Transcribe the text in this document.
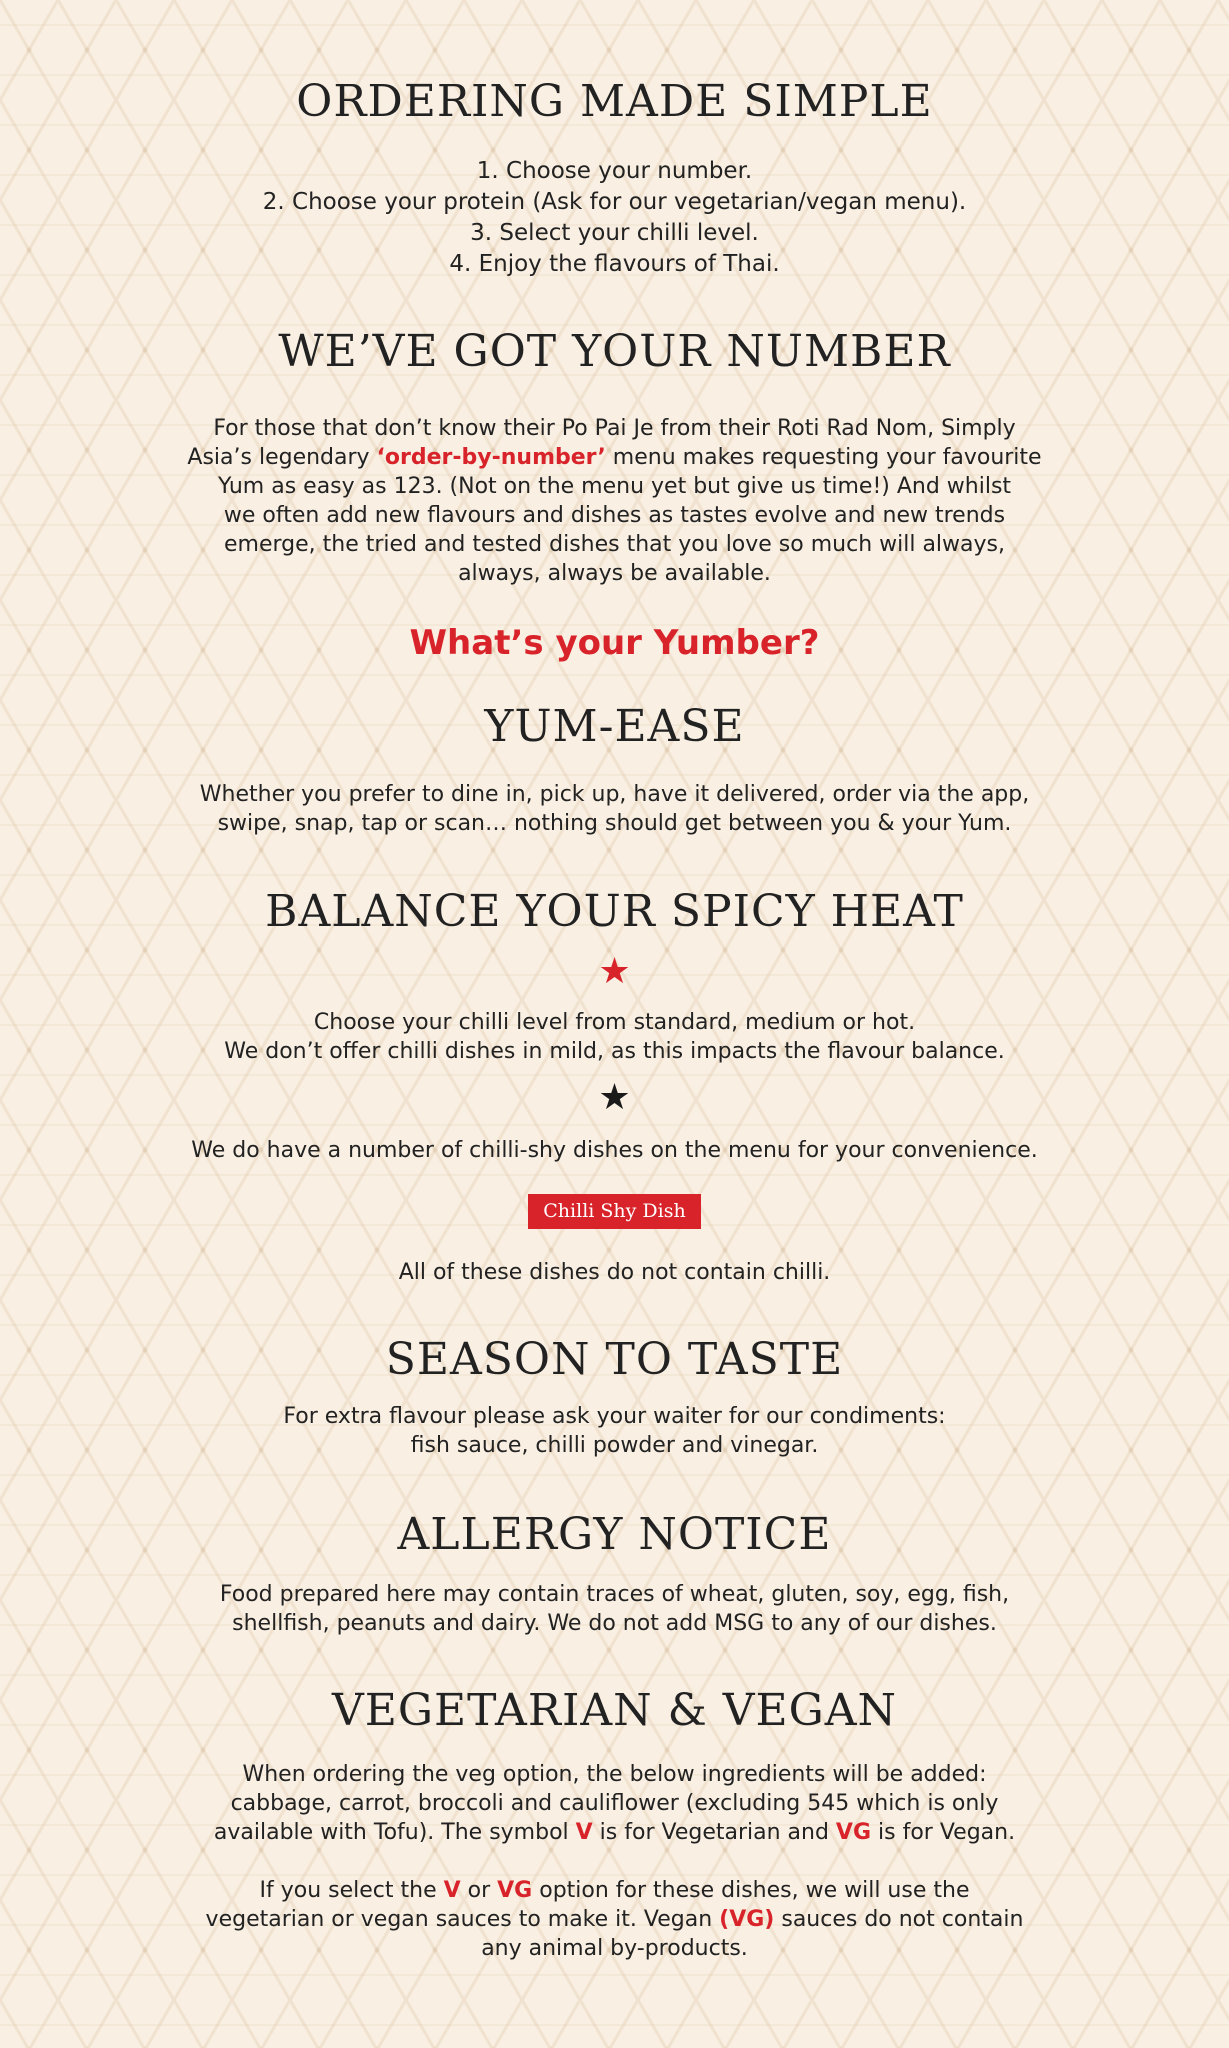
ORDERING MADE SIMPLE

1. Choose your number.
2. Choose your protein (Ask for our vegetarian/vegan menu).
3. Select your chilli level.
4. Enjoy the flavours of Thai.

WE’VE GOT YOUR NUMBER

For those that don’t know their Po Pai Je from their Roti Rad Nom, Simply
Asia’s legendary ‘order-by-number’ menu makes requesting your favourite
Yum as easy as 123. (Not on the menu yet but give us time!) And whilst
we often add new flavours and dishes as tastes evolve and new trends
emerge, the tried and tested dishes that you love so much will always,
always, always be available.

What’s your Yumber?

YUM-EASE

Whether you prefer to dine in, pick up, have it delivered, order via the app,
swipe, snap, tap or scan… nothing should get between you & your Yum.

BALANCE YOUR SPICY HEAT
★

Choose your chilli level from standard, medium or hot.
We don’t offer chilli dishes in mild, as this impacts the flavour balance.

★

We do have a number of chilli-shy dishes on the menu for your convenience.

Chilli Shy Dish

All of these dishes do not contain chilli.

SEASON TO TASTE

For extra flavour please ask your waiter for our condiments:
fish sauce, chilli powder and vinegar.

ALLERGY NOTICE

Food prepared here may contain traces of wheat, gluten, soy, egg, fish,
shellfish, peanuts and dairy. We do not add MSG to any of our dishes.

VEGETARIAN & VEGAN

When ordering the veg option, the below ingredients will be added:
cabbage, carrot, broccoli and cauliflower (excluding 545 which is only
available with Tofu). The symbol V is for Vegetarian and VG is for Vegan.

If you select the V or VG option for these dishes, we will use the
vegetarian or vegan sauces to make it. Vegan (VG) sauces do not contain
any animal by-products.
